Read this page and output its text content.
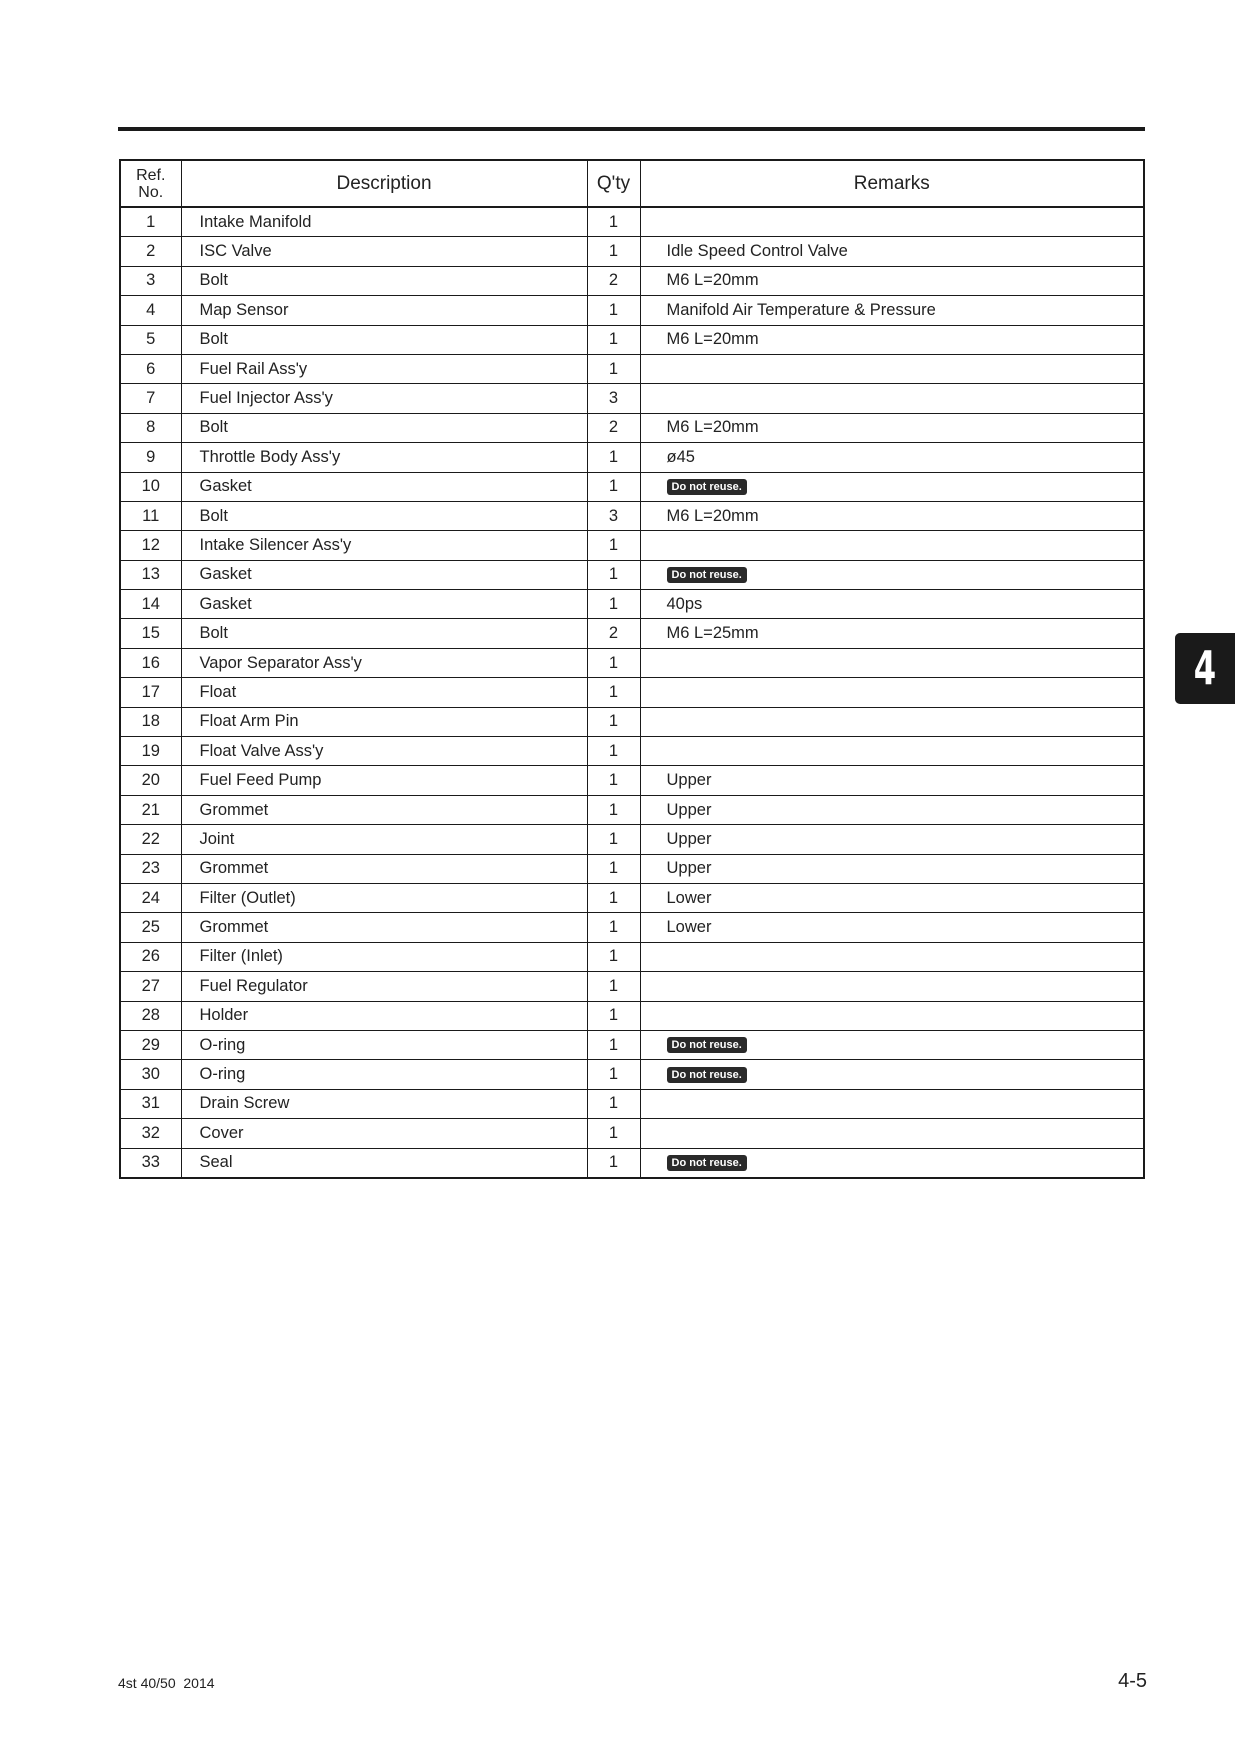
Ref.
No.	Description	Q'ty	Remarks
1	Intake Manifold	1	
2	ISC Valve	1	Idle Speed Control Valve
3	Bolt	2	M6 L=20mm
4	Map Sensor	1	Manifold Air Temperature & Pressure
5	Bolt	1	M6 L=20mm
6	Fuel Rail Ass'y	1	
7	Fuel Injector Ass'y	3	
8	Bolt	2	M6 L=20mm
9	Throttle Body Ass'y	1	ø45
10	Gasket	1	Do not reuse.
11	Bolt	3	M6 L=20mm
12	Intake Silencer Ass'y	1	
13	Gasket	1	Do not reuse.
14	Gasket	1	40ps
15	Bolt	2	M6 L=25mm
16	Vapor Separator Ass'y	1	
17	Float	1	
18	Float Arm Pin	1	
19	Float Valve Ass'y	1	
20	Fuel Feed Pump	1	Upper
21	Grommet	1	Upper
22	Joint	1	Upper
23	Grommet	1	Upper
24	Filter (Outlet)	1	Lower
25	Grommet	1	Lower
26	Filter (Inlet)	1	
27	Fuel Regulator	1	
28	Holder	1	
29	O-ring	1	Do not reuse.
30	O-ring	1	Do not reuse.
31	Drain Screw	1	
32	Cover	1	
33	Seal	1	Do not reuse.
4
4st 40/50  2014	4-5
